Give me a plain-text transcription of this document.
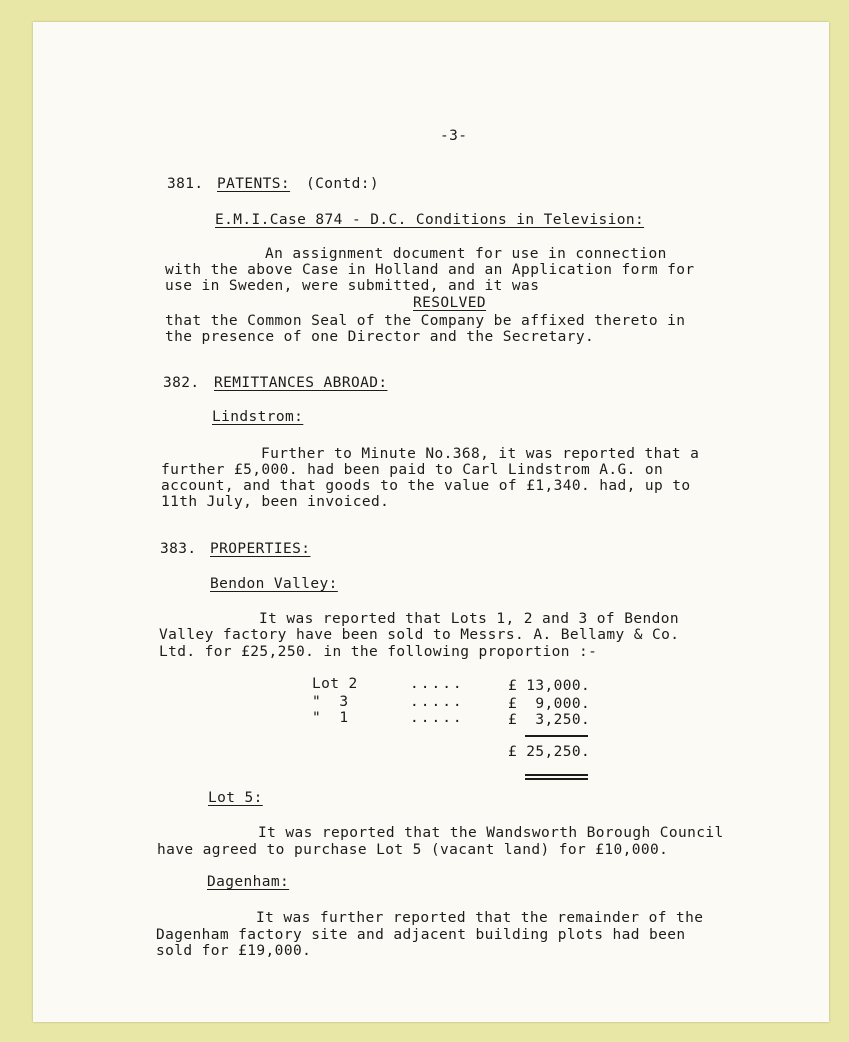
-3-
381. PATENTS: (Contd:)
E.M.I.Case 874 - D.C. Conditions in Television:
An assignment document for use in connection
with the above Case in Holland and an Application form for
use in Sweden, were submitted, and it was
RESOLVED
that the Common Seal of the Company be affixed thereto in
the presence of one Director and the Secretary.
382. REMITTANCES ABROAD:
Lindstrom:
Further to Minute No.368, it was reported that a
further £5,000. had been paid to Carl Lindstrom A.G. on
account, and that goods to the value of £1,340. had, up to
11th July, been invoiced.
383. PROPERTIES:
Bendon Valley:
It was reported that Lots 1, 2 and 3 of Bendon
Valley factory have been sold to Messrs. A. Bellamy & Co.
Ltd. for £25,250. in the following proportion :-
Lot 2	.....	£ 13,000.
"  3	.....	£  9,000.
"  1	.....	£  3,250.
£ 25,250.
Lot 5:
It was reported that the Wandsworth Borough Council
have agreed to purchase Lot 5 (vacant land) for £10,000.
Dagenham:
It was further reported that the remainder of the
Dagenham factory site and adjacent building plots had been
sold for £19,000.
